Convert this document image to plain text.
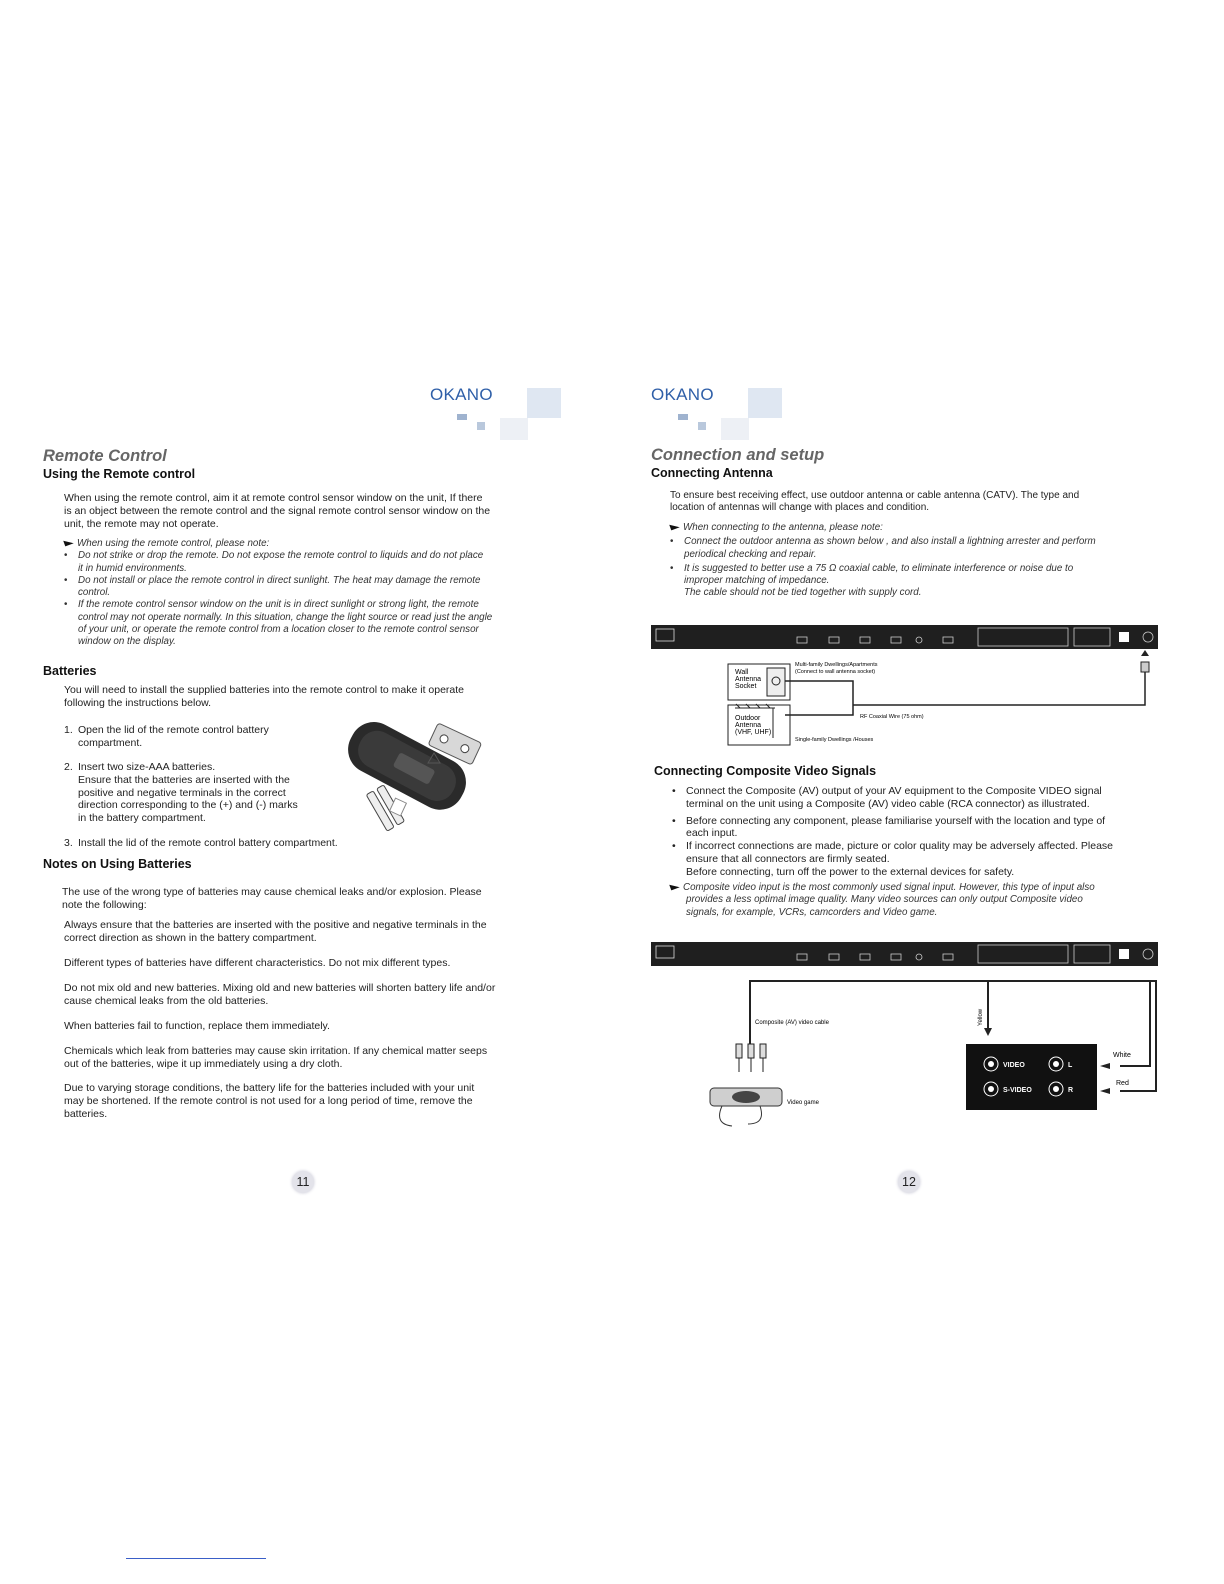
OKANO
Remote Control
Using the Remote control
When using the remote control, aim it at remote control sensor window on the unit, If there
is an object between the remote control and the signal remote control sensor window on the
unit, the remote may not operate.
When using the remote control, please note:
• Do not strike or drop the remote. Do not expose the remote control to liquids and do not place
it in humid environments.
• Do not install or place the remote control in direct sunlight. The heat may damage the remote
control.
• If the remote control sensor window on the unit is in direct sunlight or strong light, the remote
control may not operate normally. In this situation, change the light source or read just the angle
of your unit, or operate the remote control from a location closer to the remote control sensor
window on the display.
Batteries
You will need to install the supplied batteries into the remote control to make it operate
following the instructions below.
1. Open the lid of the remote control battery
compartment.
2. Insert two size-AAA batteries.
Ensure that the batteries are inserted with the
positive and negative terminals in the correct
direction corresponding to the (+) and (-) marks
in the battery compartment.
3. Install the lid of the remote control battery compartment.
Notes on Using Batteries
The use of the wrong type of batteries may cause chemical leaks and/or explosion. Please
note the following:
Always ensure that the batteries are inserted with the positive and negative terminals in the
correct direction as shown in the battery compartment.
Different types of batteries have different characteristics. Do not mix different types.
Do not mix old and new batteries. Mixing old and new batteries will shorten battery life and/or
cause chemical leaks from the old batteries.
When batteries fail to function, replace them immediately.
Chemicals which leak from batteries may cause skin irritation. If any chemical matter seeps
out of the batteries, wipe it up immediately using a dry cloth.
Due to varying storage conditions, the battery life for the batteries included with your unit
may be shortened. If the remote control is not used for a long period of time, remove the
batteries.
11
OKANO
Connection and setup
Connecting Antenna
To ensure best receiving effect, use outdoor antenna or cable antenna (CATV). The type and
location of antennas will change with places and condition.
When connecting to the antenna, please note:
• Connect the outdoor antenna as shown below , and also install a lightning arrester and perform
periodical checking and repair.
• It is suggested to better use a 75 Ω coaxial cable, to eliminate interference or noise due to
improper matching of impedance.
The cable should not be tied together with supply cord.
Wall
Antenna
Socket
Multi-family Dwellings/Apartments
(Connect to wall antenna socket)
Outdoor
Antenna
(VHF, UHF)
RF Coaxial Wire (75 ohm)
Single-family Dwellings /Houses
Connecting Composite Video Signals
• Connect the Composite (AV) output of your AV equipment to the Composite VIDEO signal
terminal on the unit using a Composite (AV) video cable (RCA connector) as illustrated.
• Before connecting any component, please familiarise yourself with the location and type of
each input.
• If incorrect connections are made, picture or color quality may be adversely affected. Please
ensure that all connectors are firmly seated.
Before connecting, turn off the power to the external devices for safety.
Composite video input is the most commonly used signal input. However, this type of input also
provides a less optimal image quality. Many video sources can only output Composite video
signals, for example, VCRs, camcorders and Video game.
Composite (AV) video cable	Yellow
White
Red
VIDEO
S-VIDEO
L
R
Video game
12
